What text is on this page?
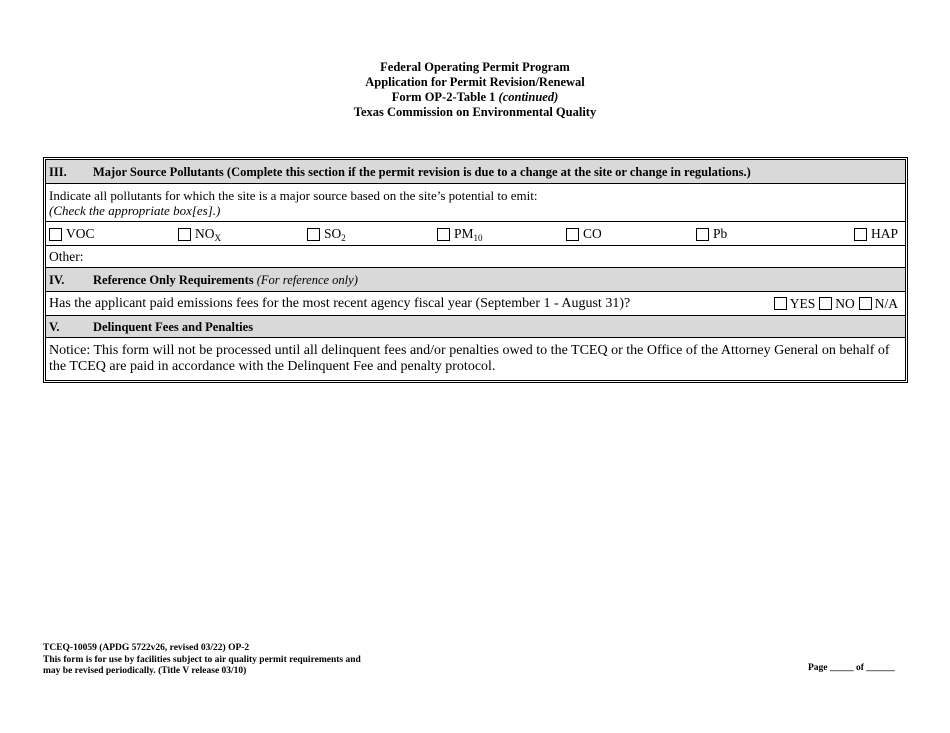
Federal Operating Permit Program
Application for Permit Revision/Renewal
Form OP-2-Table 1 (continued)
Texas Commission on Environmental Quality
III.	Major Source Pollutants (Complete this section if the permit revision is due to a change at the site or change in regulations.)
Indicate all pollutants for which the site is a major source based on the site’s potential to emit:
(Check the appropriate box[es].)
VOC	$NO_X$	$SO_2$	$PM_{10}$	CO	Pb	HAP
Other:
IV.	Reference Only Requirements (For reference only)
Has the applicant paid emissions fees for the most recent agency fiscal year (September 1 - August 31)?	YES NO N/A
V.	Delinquent Fees and Penalties
Notice: This form will not be processed until all delinquent fees and/or penalties owed to the TCEQ or the Office of the Attorney General on behalf of the TCEQ are paid in accordance with the Delinquent Fee and penalty protocol.
TCEQ-10059 (APDG 5722v26, revised 03/22) OP-2
This form is for use by facilities subject to air quality permit requirements and
may be revised periodically. (Title V release 03/10)	Page _____ of ______
